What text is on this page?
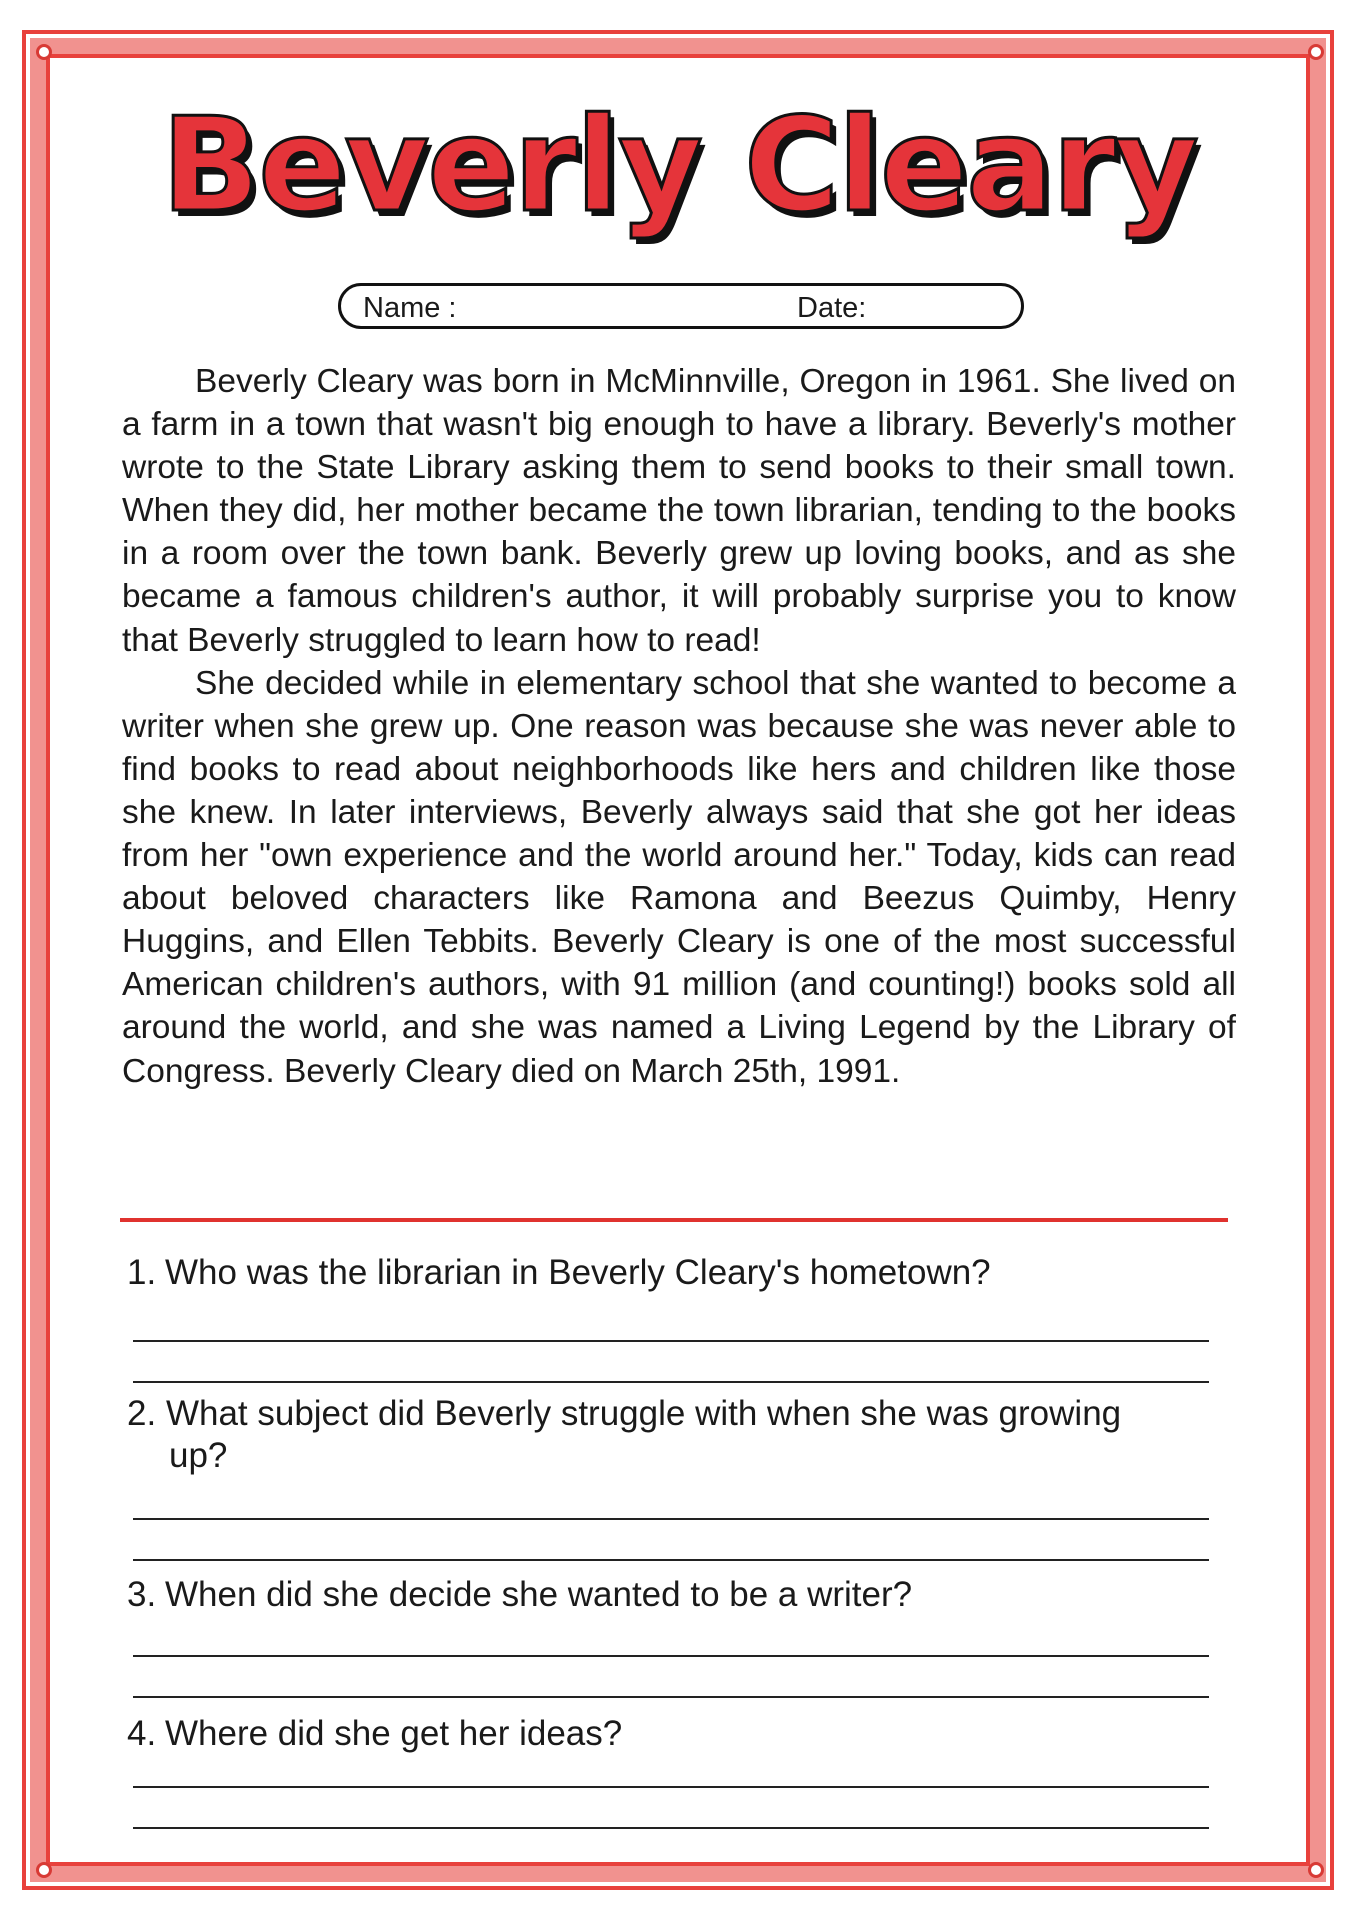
Beverly Cleary
Name :	Date:

Beverly Cleary was born in McMinnville, Oregon in 1961. She lived on a farm in a town that wasn't big enough to have a library. Beverly's mother wrote to the State Library asking them to send books to their small town. When they did, her mother became the town librarian, tending to the books in a room over the town bank. Beverly grew up loving books, and as she became a famous children's author, it will probably surprise you to know that Beverly struggled to learn how to read!

She decided while in elementary school that she wanted to become a writer when she grew up. One reason was because she was never able to find books to read about neighborhoods like hers and children like those she knew. In later interviews, Beverly always said that she got her ideas from her "own experience and the world around her." Today, kids can read about beloved characters like Ramona and Beezus Quimby, Henry Huggins, and Ellen Tebbits. Beverly Cleary is one of the most successful American children's authors, with 91 million (and counting!) books sold all around the world, and she was named a Living Legend by the Library of Congress. Beverly Cleary died on March 25th, 1991.

1. Who was the librarian in Beverly Cleary's hometown?
2. What subject did Beverly struggle with when she was growing up?
3. When did she decide she wanted to be a writer?
4. Where did she get her ideas?
